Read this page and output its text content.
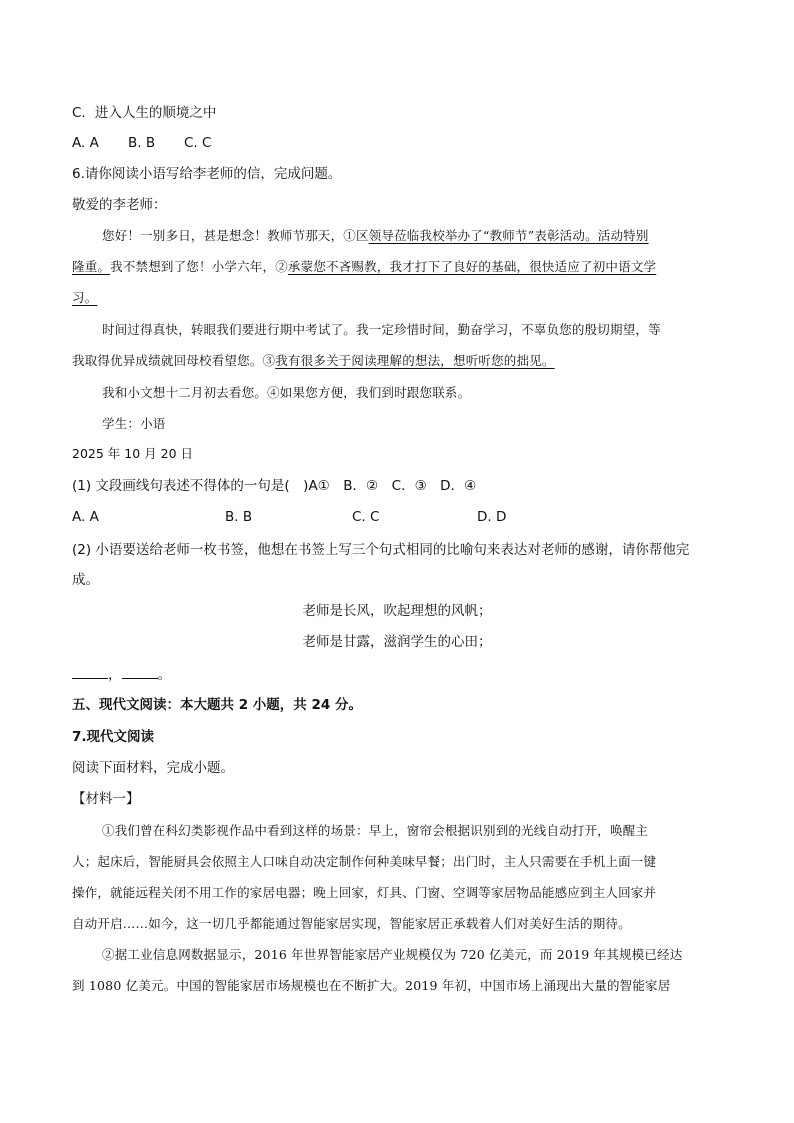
C．进入人生的顺境之中
A. A B. B C. C
6.请你阅读小语写给李老师的信，完成问题。
敬爱的李老师：
您好！一别多日，甚是想念！教师节那天，①区领导莅临我校举办了“教师节”表彰活动。活动特别
隆重。我不禁想到了您！小学六年，②承蒙您不吝赐教，我才打下了良好的基础，很快适应了初中语文学
习。
时间过得真快，转眼我们要进行期中考试了。我一定珍惜时间，勤奋学习，不辜负您的殷切期望，等
我取得优异成绩就回母校看望您。③我有很多关于阅读理解的想法，想听听您的拙见。
我和小文想十二月初去看您。④如果您方便，我们到时跟您联系。
学生：小语
2025 年 10 月 20 日
(1) 文段画线句表述不得体的一句是(　)A①　B．②　C．③　D．④
A. A	B. B	C. C	D. D
(2) 小语要送给老师一枚书签，他想在书签上写三个句式相同的比喻句来表达对老师的感谢，请你帮他完
成。
老师是长风，吹起理想的风帆；
老师是甘露，滋润学生的心田；
，	。
五、现代文阅读：本大题共 2 小题，共 24 分。
7.现代文阅读
阅读下面材料，完成小题。
【材料一】
①我们曾在科幻类影视作品中看到这样的场景：早上，窗帘会根据识别到的光线自动打开，唤醒主
人；起床后，智能厨具会依照主人口味自动决定制作何种美味早餐；出门时，主人只需要在手机上面一键
操作，就能远程关闭不用工作的家居电器；晚上回家，灯具、门窗、空调等家居物品能感应到主人回家并
自动开启……如今，这一切几乎都能通过智能家居实现，智能家居正承载着人们对美好生活的期待。
②据工业信息网数据显示，2016 年世界智能家居产业规模仅为 720 亿美元，而 2019 年其规模已经达
到 1080 亿美元。中国的智能家居市场规模也在不断扩大。2019 年初，中国市场上涌现出大量的智能家居
